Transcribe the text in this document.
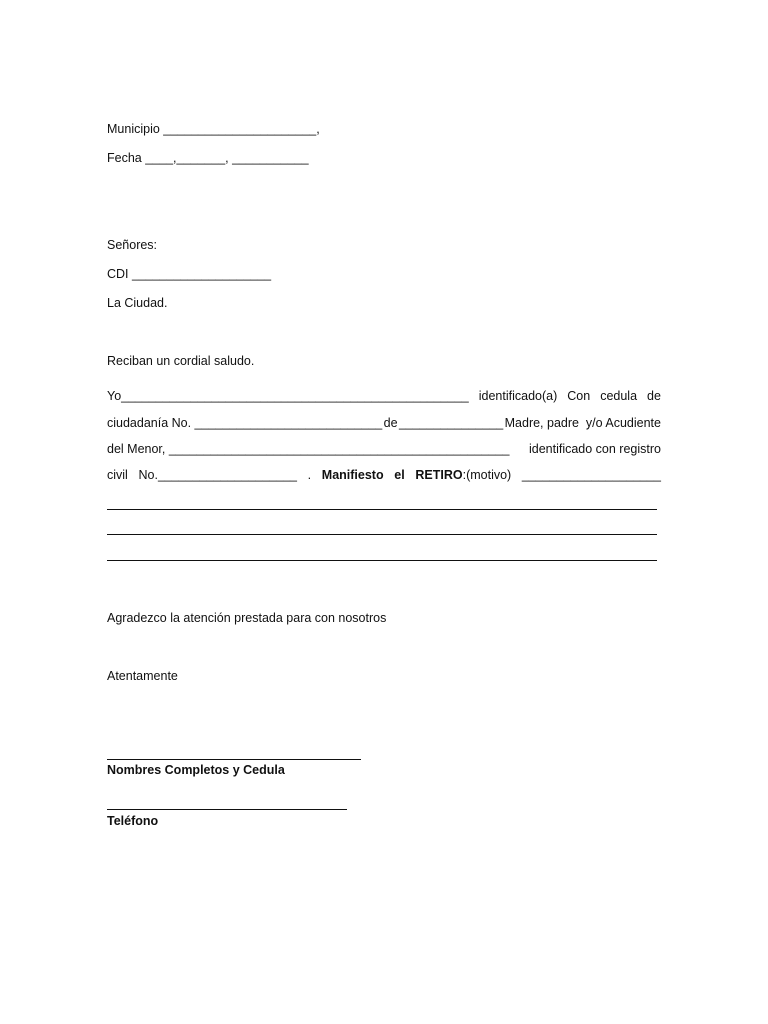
Municipio ______________________,
Fecha ____,_______, ___________
Señores:
CDI ____________________
La Ciudad.
Reciban un cordial saludo.
Yo__________________________________________________ identificado(a) Con cedula de
ciudadanía No. ___________________________ de _______________ Madre, padre  y/o Acudiente
del Menor, _________________________________________________ identificado con registro
civil No.____________________ . Manifiesto el RETIRO:(motivo) ____________________
Agradezco la atención prestada para con nosotros
Atentamente
Nombres Completos y Cedula
Teléfono
